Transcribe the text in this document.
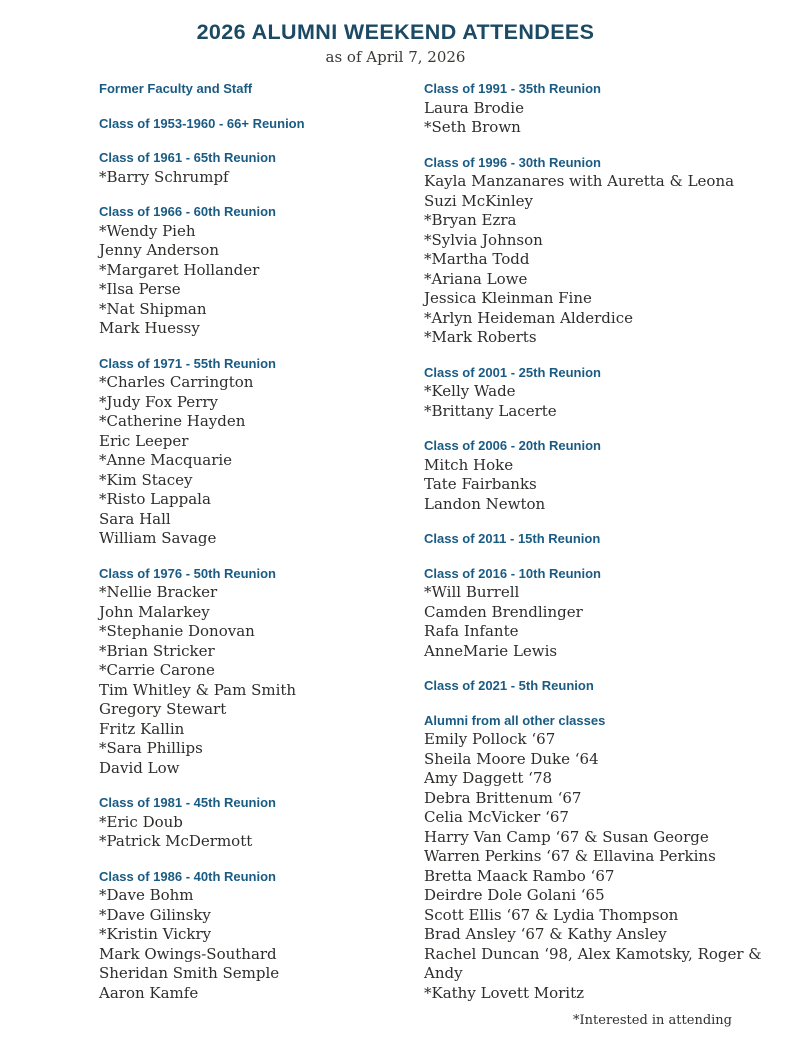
2026 ALUMNI WEEKEND ATTENDEES
as of April 7, 2026
Former Faculty and Staff
Class of 1953-1960 - 66+ Reunion
Class of 1961 - 65th Reunion
*Barry Schrumpf
Class of 1966 - 60th Reunion
*Wendy Pieh
Jenny Anderson
*Margaret Hollander
*Ilsa Perse
*Nat Shipman
Mark Huessy
Class of 1971 - 55th Reunion
*Charles Carrington
*Judy Fox Perry
*Catherine Hayden
Eric Leeper
*Anne Macquarie
*Kim Stacey
*Risto Lappala
Sara Hall
William Savage
Class of 1976 - 50th Reunion
*Nellie Bracker
John Malarkey
*Stephanie Donovan
*Brian Stricker
*Carrie Carone
Tim Whitley & Pam Smith
Gregory Stewart
Fritz Kallin
*Sara Phillips
David Low
Class of 1981 - 45th Reunion
*Eric Doub
*Patrick McDermott
Class of 1986 - 40th Reunion
*Dave Bohm
*Dave Gilinsky
*Kristin Vickry
Mark Owings-Southard
Sheridan Smith Semple
Aaron Kamfe
Class of 1991 - 35th Reunion
Laura Brodie
*Seth Brown
Class of 1996 - 30th Reunion
Kayla Manzanares with Auretta & Leona
Suzi McKinley
*Bryan Ezra
*Sylvia Johnson
*Martha Todd
*Ariana Lowe
Jessica Kleinman Fine
*Arlyn Heideman Alderdice
*Mark Roberts
Class of 2001 - 25th Reunion
*Kelly Wade
*Brittany Lacerte
Class of 2006 - 20th Reunion
Mitch Hoke
Tate Fairbanks
Landon Newton
Class of 2011 - 15th Reunion
Class of 2016 - 10th Reunion
*Will Burrell
Camden Brendlinger
Rafa Infante
AnneMarie Lewis
Class of 2021 - 5th Reunion
Alumni from all other classes
Emily Pollock ‘67
Sheila Moore Duke ‘64
Amy Daggett ‘78
Debra Brittenum ‘67
Celia McVicker ‘67
Harry Van Camp ‘67 & Susan George
Warren Perkins ‘67 & Ellavina Perkins
Bretta Maack Rambo ‘67
Deirdre Dole Golani ‘65
Scott Ellis ‘67 & Lydia Thompson
Brad Ansley ‘67 & Kathy Ansley
Rachel Duncan ‘98, Alex Kamotsky, Roger & Andy
*Kathy Lovett Moritz
*Interested in attending
